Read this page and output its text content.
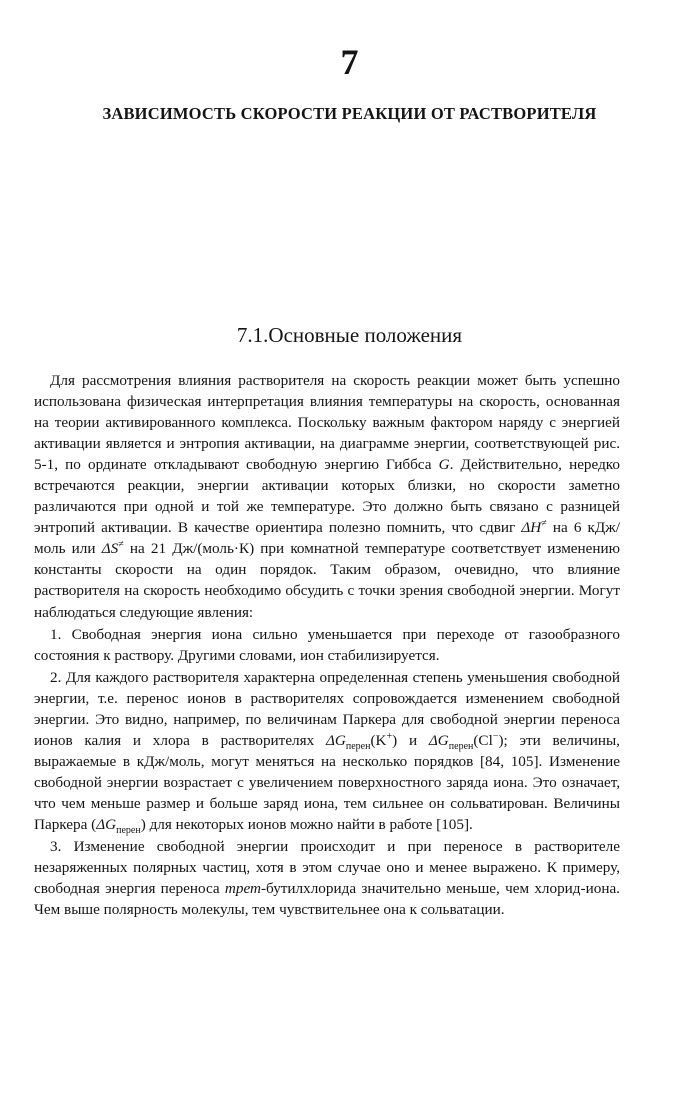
7
ЗАВИСИМОСТЬ СКОРОСТИ РЕАКЦИИ ОТ РАСТВОРИТЕЛЯ
7.1.Основные положения

Для рассмотрения влияния растворителя на скорость реакции может быть успешно использована физическая интерпретация влияния температуры на скорость, основанная на теории активированного комплекса. Поскольку важным фактором наряду с энергией активации является и энтропия активации, на диаграмме энергии, соответствующей рис. 5-1, по ординате откладывают свободную энергию Гиббса G. Действительно, нередко встречаются реакции, энергии активации которых близки, но скорости заметно различаются при одной и той же температуре. Это должно быть связано с разницей энтропий активации. В качестве ориентира полезно помнить, что сдвиг ΔH≠ на 6 кДж/моль или ΔS≠ на 21 Дж/(моль·К) при комнатной температуре соответствует изменению константы скорости на один порядок. Таким образом, очевидно, что влияние растворителя на скорость необходимо обсудить с точки зрения свободной энергии. Могут наблюдаться следующие явления:

1. Свободная энергия иона сильно уменьшается при переходе от газообразного состояния к раствору. Другими словами, ион стабилизируется.

2. Для каждого растворителя характерна определенная степень уменьшения свободной энергии, т.е. перенос ионов в растворителях сопровождается изменением свободной энергии. Это видно, например, по величинам Паркера для свободной энергии переноса ионов калия и хлора в растворителях $\Delta G_{перен}(K^+)$ и $\Delta G_{перен}(Cl^-)$; эти величины, выражаемые в кДж/моль, могут меняться на несколько порядков [84, 105]. Изменение свободной энергии возрастает с увеличением поверхностного заряда иона. Это означает, что чем меньше размер и больше заряд иона, тем сильнее он сольватирован. Величины Паркера $(\Delta G_{перен})$ для некоторых ионов можно найти в работе [105].

3. Изменение свободной энергии происходит и при переносе в растворителе незаряженных полярных частиц, хотя в этом случае оно и менее выражено. К примеру, свободная энергия переноса трет-бутилхлорида значительно меньше, чем хлорид-иона. Чем выше полярность молекулы, тем чувствительнее она к сольватации.
